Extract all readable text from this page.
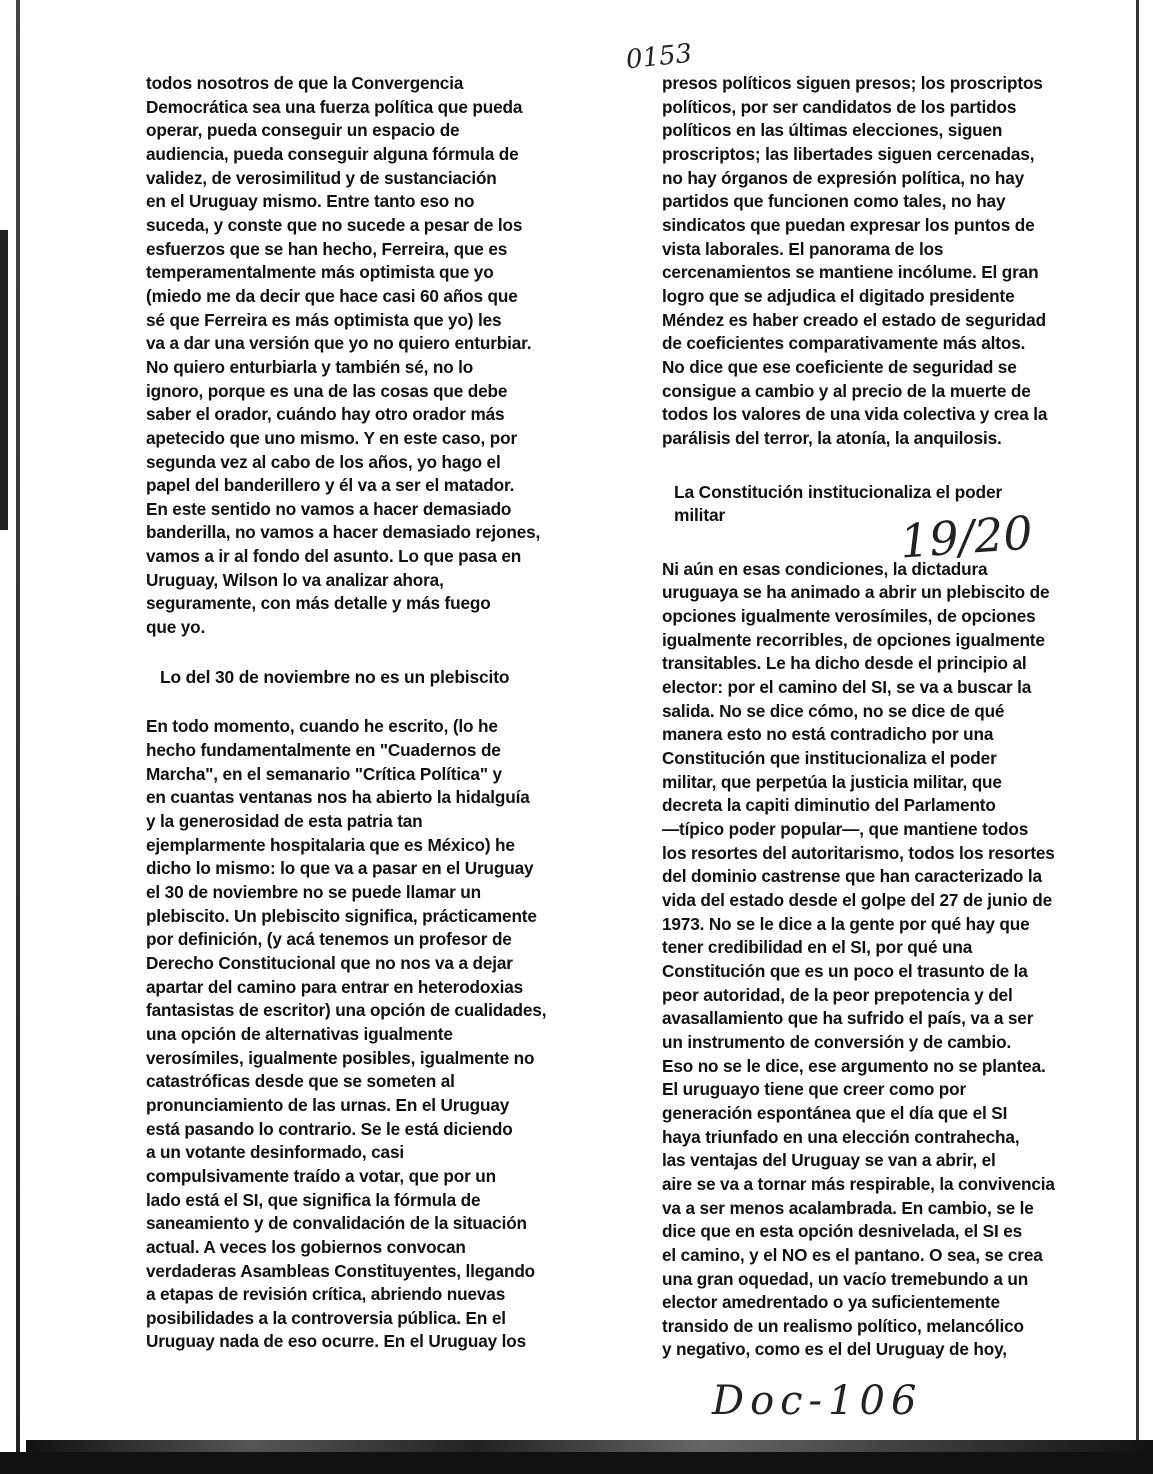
0153
todos nosotros de que la Convergencia
Democrática sea una fuerza política que pueda
operar, pueda conseguir un espacio de
audiencia, pueda conseguir alguna fórmula de
validez, de verosimilitud y de sustanciación
en el Uruguay mismo. Entre tanto eso no
suceda, y conste que no sucede a pesar de los
esfuerzos que se han hecho, Ferreira, que es
temperamentalmente más optimista que yo
(miedo me da decir que hace casi 60 años que
sé que Ferreira es más optimista que yo) les
va a dar una versión que yo no quiero enturbiar.
No quiero enturbiarla y también sé, no lo
ignoro, porque es una de las cosas que debe
saber el orador, cuándo hay otro orador más
apetecido que uno mismo. Y en este caso, por
segunda vez al cabo de los años, yo hago el
papel del banderillero y él va a ser el matador.
En este sentido no vamos a hacer demasiado
banderilla, no vamos a hacer demasiado rejones,
vamos a ir al fondo del asunto. Lo que pasa en
Uruguay, Wilson lo va analizar ahora,
seguramente, con más detalle y más fuego
que yo.
Lo del 30 de noviembre no es un plebiscito
En todo momento, cuando he escrito, (lo he
hecho fundamentalmente en "Cuadernos de
Marcha", en el semanario "Crítica Política" y
en cuantas ventanas nos ha abierto la hidalguía
y la generosidad de esta patria tan
ejemplarmente hospitalaria que es México) he
dicho lo mismo: lo que va a pasar en el Uruguay
el 30 de noviembre no se puede llamar un
plebiscito. Un plebiscito significa, prácticamente
por definición, (y acá tenemos un profesor de
Derecho Constitucional que no nos va a dejar
apartar del camino para entrar en heterodoxias
fantasistas de escritor) una opción de cualidades,
una opción de alternativas igualmente
verosímiles, igualmente posibles, igualmente no
catastróficas desde que se someten al
pronunciamiento de las urnas. En el Uruguay
está pasando lo contrario. Se le está diciendo
a un votante desinformado, casi
compulsivamente traído a votar, que por un
lado está el SI, que significa la fórmula de
saneamiento y de convalidación de la situación
actual. A veces los gobiernos convocan
verdaderas Asambleas Constituyentes, llegando
a etapas de revisión crítica, abriendo nuevas
posibilidades a la controversia pública. En el
Uruguay nada de eso ocurre. En el Uruguay los
presos políticos siguen presos; los proscriptos
políticos, por ser candidatos de los partidos
políticos en las últimas elecciones, siguen
proscriptos; las libertades siguen cercenadas,
no hay órganos de expresión política, no hay
partidos que funcionen como tales, no hay
sindicatos que puedan expresar los puntos de
vista laborales. El panorama de los
cercenamientos se mantiene incólume. El gran
logro que se adjudica el digitado presidente
Méndez es haber creado el estado de seguridad
de coeficientes comparativamente más altos.
No dice que ese coeficiente de seguridad se
consigue a cambio y al precio de la muerte de
todos los valores de una vida colectiva y crea la
parálisis del terror, la atonía, la anquilosis.
La Constitución institucionaliza el poder
militar
Ni aún en esas condiciones, la dictadura
uruguaya se ha animado a abrir un plebiscito de
opciones igualmente verosímiles, de opciones
igualmente recorribles, de opciones igualmente
transitables. Le ha dicho desde el principio al
elector: por el camino del SI, se va a buscar la
salida. No se dice cómo, no se dice de qué
manera esto no está contradicho por una
Constitución que institucionaliza el poder
militar, que perpetúa la justicia militar, que
decreta la capiti diminutio del Parlamento
—típico poder popular—, que mantiene todos
los resortes del autoritarismo, todos los resortes
del dominio castrense que han caracterizado la
vida del estado desde el golpe del 27 de junio de
1973. No se le dice a la gente por qué hay que
tener credibilidad en el SI, por qué una
Constitución que es un poco el trasunto de la
peor autoridad, de la peor prepotencia y del
avasallamiento que ha sufrido el país, va a ser
un instrumento de conversión y de cambio.
Eso no se le dice, ese argumento no se plantea.
El uruguayo tiene que creer como por
generación espontánea que el día que el SI
haya triunfado en una elección contrahecha,
las ventajas del Uruguay se van a abrir, el
aire se va a tornar más respirable, la convivencia
va a ser menos acalambrada. En cambio, se le
dice que en esta opción desnivelada, el SI es
el camino, y el NO es el pantano. O sea, se crea
una gran oquedad, un vacío tremebundo a un
elector amedrentado o ya suficientemente
transido de un realismo político, melancólico
y negativo, como es el del Uruguay de hoy,
19/20
Doc-106
